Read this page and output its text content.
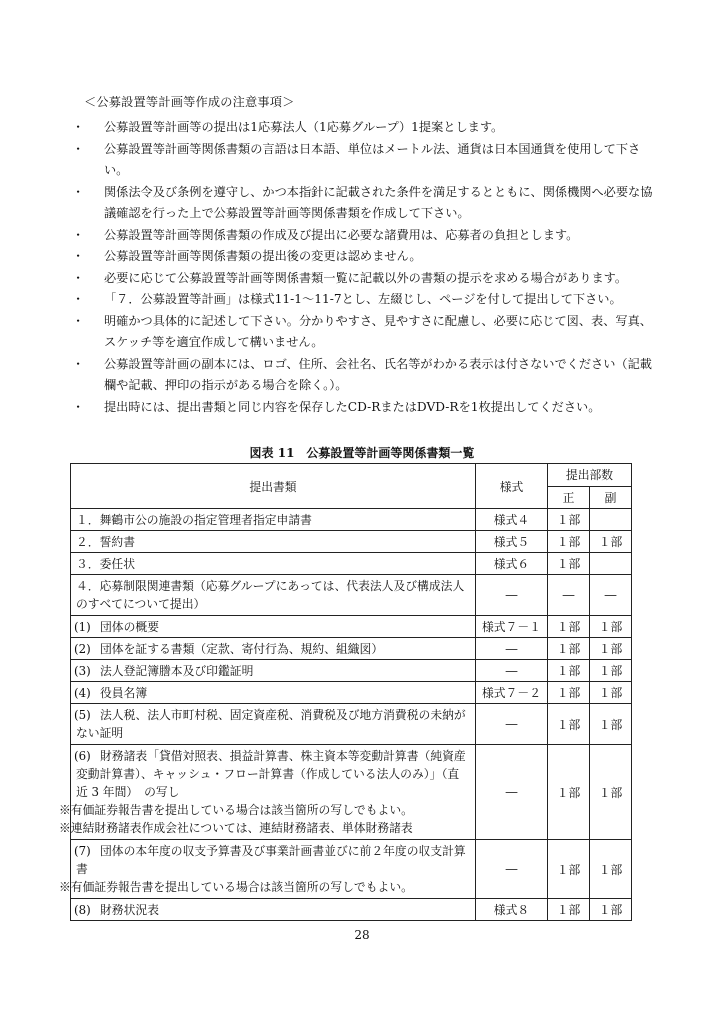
＜公募設置等計画等作成の注意事項＞
・ 公募設置等計画等の提出は1応募法人（1応募グループ）1提案とします。
・ 公募設置等計画等関係書類の言語は日本語、単位はメートル法、通貨は日本国通貨を使用して下さい。
・ 関係法令及び条例を遵守し、かつ本指針に記載された条件を満足するとともに、関係機関へ必要な協議確認を行った上で公募設置等計画等関係書類を作成して下さい。
・ 公募設置等計画等関係書類の作成及び提出に必要な諸費用は、応募者の負担とします。
・ 公募設置等計画等関係書類の提出後の変更は認めません。
・ 必要に応じて公募設置等計画等関係書類一覧に記載以外の書類の提示を求める場合があります。
・ 「７．公募設置等計画」は様式11-1～11-7とし、左綴じし、ページを付して提出して下さい。
・ 明確かつ具体的に記述して下さい。分かりやすさ、見やすさに配慮し、必要に応じて図、表、写真、スケッチ等を適宜作成して構いません。
・ 公募設置等計画の副本には、ロゴ、住所、会社名、氏名等がわかる表示は付さないでください（記載欄や記載、押印の指示がある場合を除く。）。
・ 提出時には、提出書類と同じ内容を保存したCD-RまたはDVD-Rを1枚提出してください。
図表 11　公募設置等計画等関係書類一覧
提出書類	様式	提出部数	
		正	副
１．舞鶴市公の施設の指定管理者指定申請書	様式４	１部	
２．誓約書	様式５	１部	１部
３．委任状	様式６	１部	
４．応募制限関連書類（応募グループにあっては、代表法人及び構成法人のすべてについて提出）	―	―	―
(1) 団体の概要	様式７－１	１部	１部
(2) 団体を証する書類（定款、寄付行為、規約、組織図）	―	１部	１部
(3) 法人登記簿謄本及び印鑑証明	―	１部	１部
(4) 役員名簿	様式７－２	１部	１部
(5) 法人税、法人市町村税、固定資産税、消費税及び地方消費税の未納がない証明	―	１部	１部
(6) 財務諸表「貸借対照表、損益計算書、株主資本等変動計算書（純資産変動計算書）、キャッシュ・フロー計算書（作成している法人のみ）」（直近 3 年間）　の写し
※有価証券報告書を提出している場合は該当箇所の写しでもよい。
※連結財務諸表作成会社については、連結財務諸表、単体財務諸表	―	１部	１部
(7) 団体の本年度の収支予算書及び事業計画書並びに前２年度の収支計算書
※有価証券報告書を提出している場合は該当箇所の写しでもよい。	―	１部	１部
(8) 財務状況表	様式８	１部	１部
28
